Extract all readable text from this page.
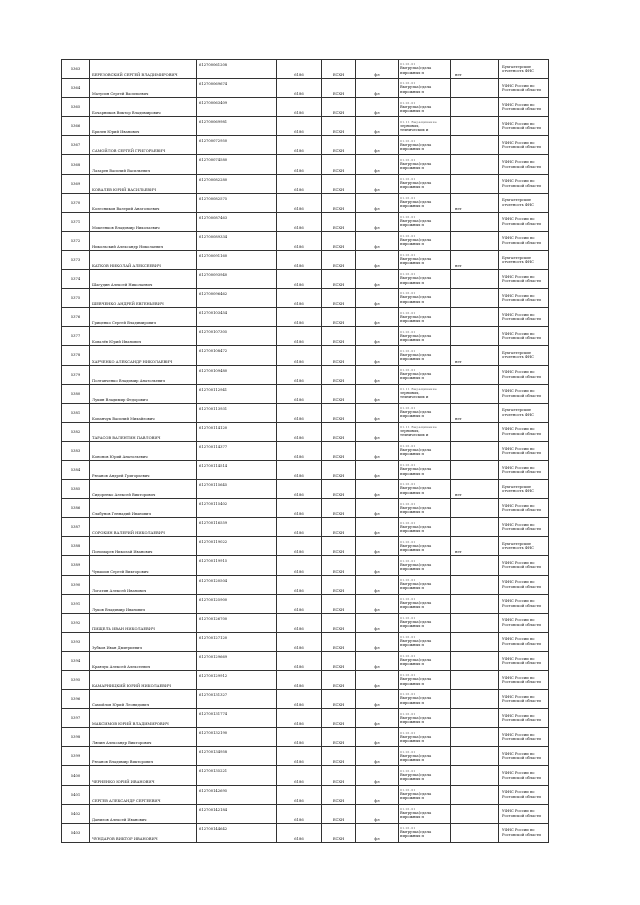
5363	БЕРЕЗОВСКИЙ СЕРГЕЙ ВЛАДИМИРОВИЧ	612700061208	6186	ЕСХН	фл	01.01.01
Выгрузка(сдача
пирожных п	нет	Бухгалтерские
отчетность ФНС

5364	Матусин Сергей Васильевич	612700069674	6186	ЕСХН	фл	01.01.01
Выгрузка(сдача
пирожных п		УФНС России по
Ростовской области

5365	Бочарников Виктор Владимирович	612700063409	6186	ЕСХН	фл	01.01.01
Выгрузка(сдача
пирожных п		УФНС России по
Ростовской области

5366	Брилев Юрий Иванович	612700069981	6186	ЕСХН	фл	01.11 Выращивание
зерновых,
технических и		УФНС России по
Ростовской области

5367	САМОЙЛОВ СЕРГЕЙ ГРИГОРЬЕВИЧ	612700072950	6186	ЕСХН	фл	01.01.01
Выгрузка(сдача
пирожных п		УФНС России по
Ростовской области

5368	Лазарев Василий Васильевич	612700074580	6186	ЕСХН	фл	01.01.01
Выгрузка(сдача
пирожных п		УФНС России по
Ростовской области

5369	КОВАЛЕВ ЮРИЙ ВАСИЛЬЕВИЧ	612700082280	6186	ЕСХН	фл	01.01.01
Выгрузка(сдача
пирожных п		УФНС России по
Ростовской области

5370	Колесников Валерий Анатольевич	612700082575	6186	ЕСХН	фл	01.01.01
Выгрузка(сдача
пирожных п	нет	Бухгалтерские
отчетность ФНС

5371	Мокеенков Владимир Николаевич	612700087463	6186	ЕСХН	фл	01.01.01
Выгрузка(сдача
пирожных п		УФНС России по
Ростовской области

5372	Никольский Александр Николаевич	612700089334	6186	ЕСХН	фл	01.01.01
Выгрузка(сдача
пирожных п		УФНС России по
Ростовской области

5373	КАТКОВ НИКОЛАЙ АЛЕКСЕЕВИЧ	612700091160	6186	ЕСХН	фл	01.01.01
Выгрузка(сдача
пирожных п	нет	Бухгалтерские
отчетность ФНС

5374	Шагудин Алексей Николаевич	612700093940	6186	ЕСХН	фл	01.01.01
Выгрузка(сдача
пирожных п		УФНС России по
Ростовской области

5375	ШЕВЧЕНКО АНДРЕЙ ЕВГЕНЬЕВИЧ	612700096462	6186	ЕСХН	фл	01.01.01
Выгрузка(сдача
пирожных п		УФНС России по
Ростовской области

5376	Гриценко Сергей Владимирович	612700103454	6186	ЕСХН	фл	01.01.01
Выгрузка(сдача
пирожных п		УФНС России по
Ростовской области

5377	Ковалёв Юрий Иванович	612700107305	6186	ЕСХН	фл	01.01.01
Выгрузка(сдача
пирожных п		УФНС России по
Ростовской области

5378	ХАРЧЕНКО АЛЕКСАНДР НИКОЛАЕВИЧ	612700108472	6186	ЕСХН	фл	01.01.01
Выгрузка(сдача
пирожных п	нет	Бухгалтерские
отчетность ФНС

5379	Полтавченко Владимир Анатольевич	612700109480	6186	ЕСХН	фл	01.01.01
Выгрузка(сдача
пирожных п		УФНС России по
Ростовской области

5380	Лукин Владимир Федорович	612700112941	6186	ЕСХН	фл	01.11 Выращивание
зерновых,
технических и		УФНС России по
Ростовской области

5381	Копанчук Василий Михайлович	612700113931	6186	ЕСХН	фл	01.01.01
Выгрузка(сдача
пирожных п	нет	Бухгалтерские
отчетность ФНС

5382	ТАРАСОВ ВАЛЕНТИН ПАВЛОВИЧ	612700114120	6186	ЕСХН	фл	01.11 Выращивание
зерновых,
технических и		УФНС России по
Ростовской области

5383	Кононов Юрий Анатольевич	612700114377	6186	ЕСХН	фл	01.01.01
Выгрузка(сдача
пирожных п		УФНС России по
Ростовской области

5384	Рязанов Андрей Григорьевич	612700114514	6186	ЕСХН	фл	01.01.01
Выгрузка(сдача
пирожных п		УФНС России по
Ростовской области

5385	Сидоренко Алексей Викторович	612700115645	6186	ЕСХН	фл	01.01.01
Выгрузка(сдача
пирожных п	нет	Бухгалтерские
отчетность ФНС

5386	Слабунов Геннадий Иванович	612700115402	6186	ЕСХН	фл	01.01.01
Выгрузка(сдача
пирожных п		УФНС России по
Ростовской области

5387	СОРОКИН ВАЛЕРИЙ НИКОЛАЕВИЧ	612700116559	6186	ЕСХН	фл	01.01.01
Выгрузка(сдача
пирожных п		УФНС России по
Ростовской области

5388	Пономарев Николай Иванович	612700119022	6186	ЕСХН	фл	01.01.01
Выгрузка(сдача
пирожных п	нет	Бухгалтерские
отчетность ФНС

5389	Чувашов Сергей Викторович	612700119915	6186	ЕСХН	фл	01.01.01
Выгрузка(сдача
пирожных п		УФНС России по
Ростовской области

5390	Логатин Алексей Иванович	612700120504	6186	ЕСХН	фл	01.01.01
Выгрузка(сдача
пирожных п		УФНС России по
Ростовской области

5391	Луков Владимир Иванович	612700125900	6186	ЕСХН	фл	01.01.01
Выгрузка(сдача
пирожных п		УФНС России по
Ростовской области

5392	ПИЩЕЛЬ ИВАН НИКОЛАЕВИЧ	612700126700	6186	ЕСХН	фл	01.01.01
Выгрузка(сдача
пирожных п		УФНС России по
Ростовской области

5393	Зубков Иван Дмитриевич	612700127120	6186	ЕСХН	фл	01.01.01
Выгрузка(сдача
пирожных п		УФНС России по
Ростовской области

5394	Кравчук Алексей Алексеевич	612700129669	6186	ЕСХН	фл	01.01.01
Выгрузка(сдача
пирожных п		УФНС России по
Ростовской области

5395	КАМАРНИЦКИЙ ЮРИЙ НИКОЛАЕВИЧ	612700129912	6186	ЕСХН	фл	01.01.01
Выгрузка(сдача
пирожных п		УФНС России по
Ростовской области

5396	Самойлов Юрий Леонидович	612700131327	6186	ЕСХН	фл	01.01.01
Выгрузка(сдача
пирожных п		УФНС России по
Ростовской области

5397	МАКСИМОВ ЮРИЙ ВЛАДИМИРОВИЧ	612700131774	6186	ЕСХН	фл	01.01.01
Выгрузка(сдача
пирожных п		УФНС России по
Ростовской области

5398	Ляпин Александр Викторович	612700132190	6186	ЕСХН	фл	01.01.01
Выгрузка(сдача
пирожных п		УФНС России по
Ростовской области

5399	Рязанов Владимир Викторович	612700134958	6186	ЕСХН	фл	01.01.01
Выгрузка(сдача
пирожных п		УФНС России по
Ростовской области

5400	ЧЕРНЕНКО ЮРИЙ ИВАНОВИЧ	612700135221	6186	ЕСХН	фл	01.01.01
Выгрузка(сдача
пирожных п		УФНС России по
Ростовской области

5401	СЕРГЕВ АЛЕКСАНДР СЕРГЕЕВИЧ	612700142695	6186	ЕСХН	фл	01.01.01
Выгрузка(сдача
пирожных п		УФНС России по
Ростовской области

5402	Данилов Алексей Иванович	612700142184	6186	ЕСХН	фл	01.01.01
Выгрузка(сдача
пирожных п		УФНС России по
Ростовской области

5403	ЧУНДАРОВ ВИКТОР ИВАНОВИЧ	612700144642	6186	ЕСХН	фл	01.01.01
Выгрузка(сдача
пирожных п		УФНС России по
Ростовской области
